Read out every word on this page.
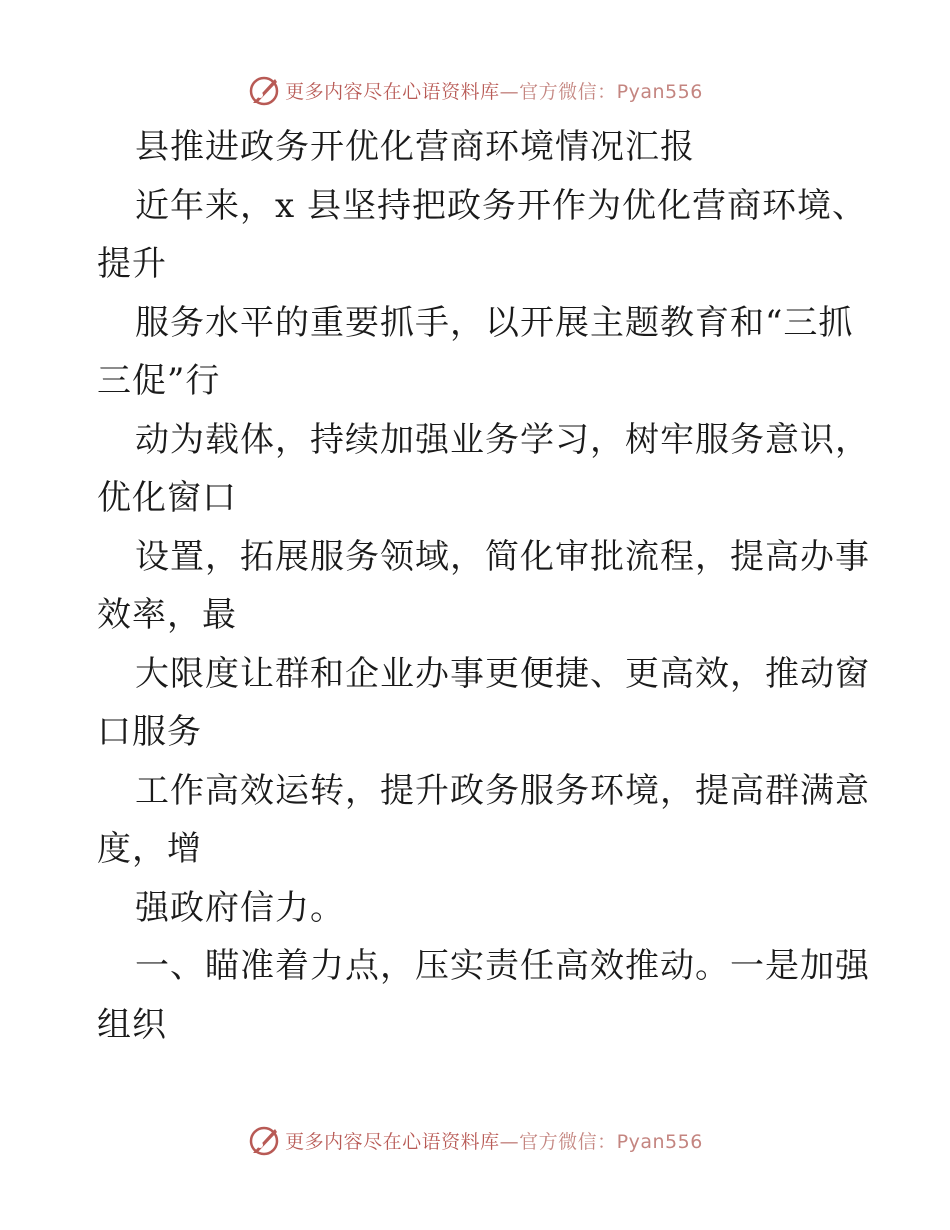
更多内容尽在心语资料库—官方微信：Pyan556
县推进政务开优化营商环境情况汇报
近年来，x 县坚持把政务开作为优化营商环境、
提升
服务水平的重要抓手，以开展主题教育和“三抓
三促”行
动为载体，持续加强业务学习，树牢服务意识，
优化窗口
设置，拓展服务领域，简化审批流程，提高办事
效率，最
大限度让群和企业办事更便捷、更高效，推动窗
口服务
工作高效运转，提升政务服务环境，提高群满意
度，增
强政府信力。
一、瞄准着力点，压实责任高效推动。一是加强
组织
更多内容尽在心语资料库—官方微信：Pyan556
